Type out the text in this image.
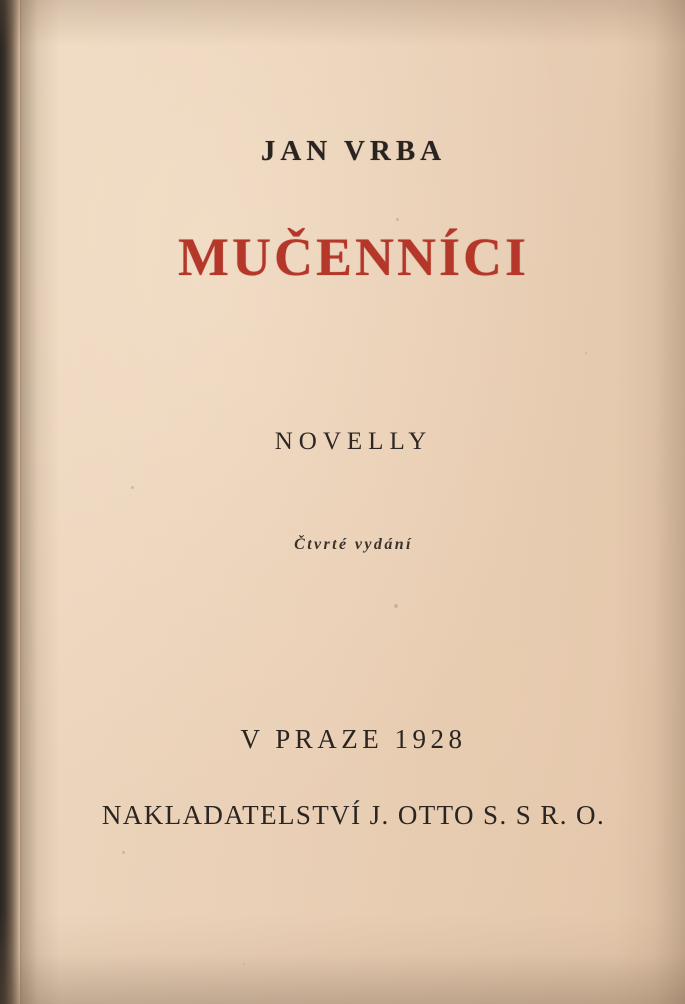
JAN VRBA
MUČENNÍCI
NOVELLY
Čtvrté vydání
V PRAZE 1928
NAKLADATELSTVÍ J. OTTO S. S R. O.
